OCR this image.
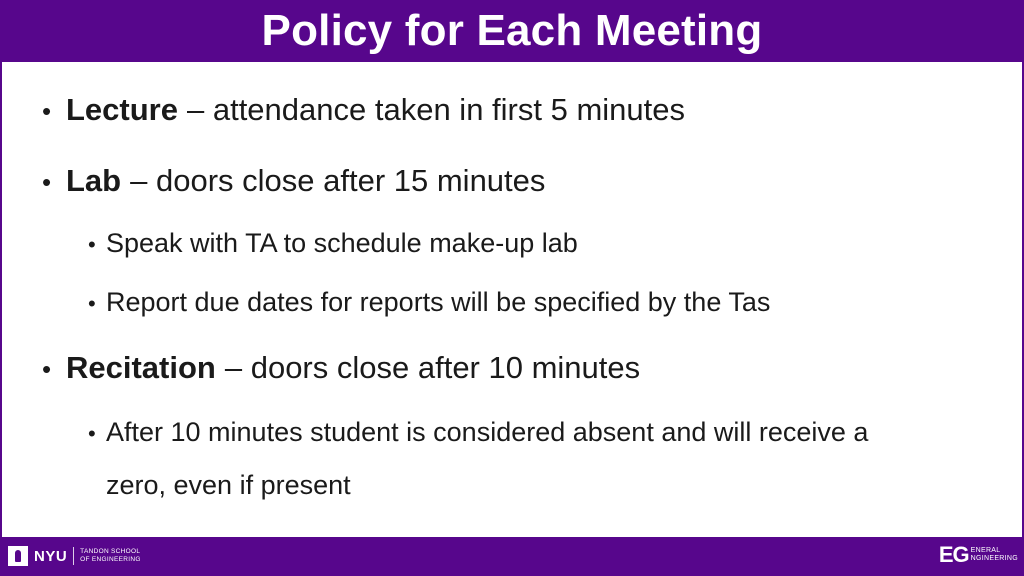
Policy for Each Meeting
• Lecture – attendance taken in first 5 minutes
• Lab – doors close after 15 minutes
• Speak with TA to schedule make-up lab
• Report due dates for reports will be specified by the Tas
• Recitation – doors close after 10 minutes
• After 10 minutes student is considered absent and will receive a
zero, even if present
NYU TANDON SCHOOL
OF ENGINEERING	EG ENERAL
NGINEERING
